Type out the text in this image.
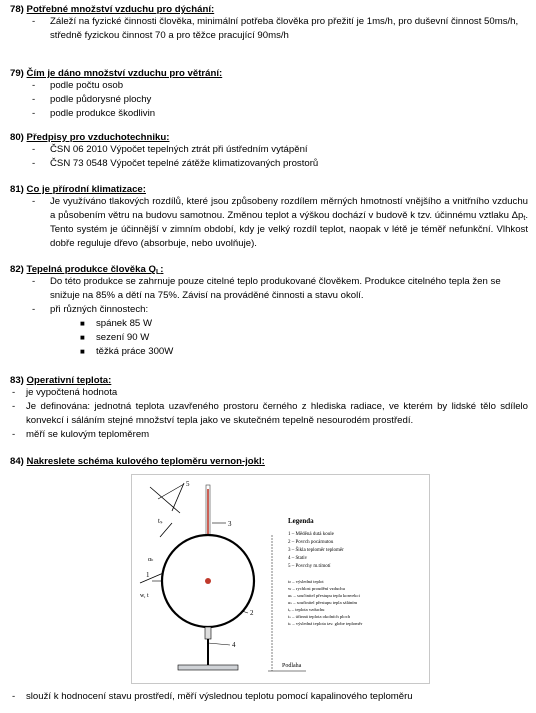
78) Potřebné množství vzduchu pro dýchání:
- Záleží na fyzické činnosti člověka, minimální potřeba člověka pro přežití je 1ms/h, pro duševní činnost 50ms/h, středně fyzickou činnost 70 a pro těžce pracující 90ms/h
79) Čím je dáno množství vzduchu pro větrání:
- podle počtu osob
- podle půdorysné plochy
- podle produkce škodlivin
80) Předpisy pro vzduchotechniku:
- ČSN 06 2010 Výpočet tepelných ztrát při ústředním vytápění
- ČSN 73 0548 Výpočet tepelné zátěže klimatizovaných prostorů
81) Co je přírodní klimatizace:
- Je využíváno tlakových rozdílů, které jsou způsobeny rozdílem měrných hmotností vnějšího a vnitřního vzduchu a působením větru na budovu samotnou. Změnou teplot a výškou dochází v budově k tzv. účinnému vztlaku $\Delta p_t$. Tento systém je účinnější v zimním období, kdy je velký rozdíl teplot, naopak v létě je téměř nefunkční. Vlhkost dobře reguluje dřevo (absorbuje, nebo uvolňuje).
82) Tepelná produkce člověka $Q_L$:
- Do této produkce se zahrnuje pouze citelné teplo produkované člověkem. Produkce citelného tepla žen se snižuje na 85% a dětí na 75%. Závisí na prováděné činnosti a stavu okolí.
- při různých činnostech:
■ spánek 85 W
■ sezení 90 W
■ těžká práce 300W
83) Operativní teplota:
- je vypočtená hodnota
- Je definována: jednotná teplota uzavřeného prostoru černého z hlediska radiace, ve kterém by lidské tělo sdílelo konvekcí i sáláním stejné množství tepla jako ve skutečném tepelně nesourodém prostředí.
- měří se kulovým teploměrem
84) Nakreslete schéma kulového teploměru vernon-jokl:
5
tₛ
αₖ
w, t
3
1
2
4
Podlaha
Legenda
1 – Měděná dutá koule
2 – Povrch pocárnutou
3 – Šikla teploměr teploměr
4 – Stativ
5 – Povrchy m.tímotí
tₙ – výsledná teplot
w – rychlost proudění vzduchu
αₖ – součinitel přestupu tepla konvekci
αₛ – součinitel přestupu tepla sáláním
tᵥ – teplota vzduchu
tₛ – účinná teplota okolních ploch
tₖ – výsledná teplota tzv. globe teploměr
- slouží k hodnocení stavu prostředí, měří výslednou teplotu pomocí kapalinového teploměru
